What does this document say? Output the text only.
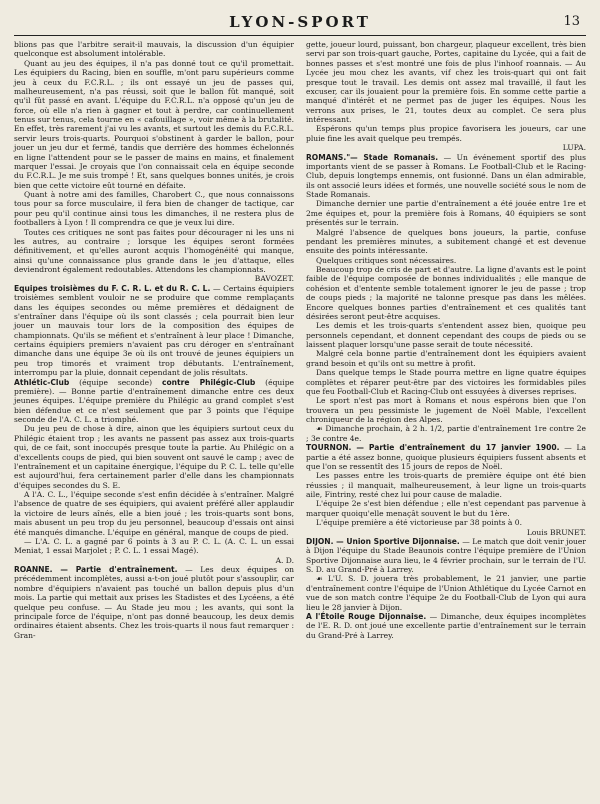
LYON-SPORT	13

blions pas que l'arbitre serait-il mauvais, la discussion d'un équipier quelconque est absolument intolérable.

Quant au jeu des équipes, il n'a pas donné tout ce qu'il promettait. Les équipiers du Racing, bien en souffle, m'ont paru supérieurs comme jeu à ceux du F.C.R.L. ; ils ont essayé un jeu de passes qui, malheureusement, n'a pas réussi, soit que le ballon fût manqué, soit qu'il fût passé en avant. L'équipe du F.C.R.L. n'a opposé qu'un jeu de force, où elle n'a rien à gagner et tout à perdre, car continuellement tenus sur tenus, cela tourne en « cafouillage », voir même à la brutalité. En effet, très rarement j'ai vu les avants, et surtout les demis du F.C.R.L. servir leurs trois-quarts. Pourquoi s'obstinent à garder le ballon, pour jouer un jeu dur et fermé, tandis que derrière des hommes échelonnés en ligne l'attendent pour se le passer de mains en mains, et finalement marquer l'essai. Je croyais que l'on connaissait cela en équipe seconde du F.C.R.L. Je me suis trompé ! Et, sans quelques bonnes unités, je crois bien que cette victoire eût tourné en défaite.

Quant à notre ami des familles, Charobert C., que nous connaissons tous pour sa force musculaire, il fera bien de changer de tactique, car pour peu qu'il continue ainsi tous les dimanches, il ne restera plus de footballers à Lyon ! Il comprendra ce que je veux lui dire.

Toutes ces critiques ne sont pas faites pour décourager ni les uns ni les autres, au contraire ; lorsque les équipes seront formées définitivement, et qu'elles auront acquis l'homogénéité qui manque, ainsi qu'une connaissance plus grande dans le jeu d'attaque, elles deviendront également redoutables. Attendons les championnats.

BAVOZET.

Equipes troisièmes du F. C. R. L. et du R. C. L. — Certains équipiers troisièmes semblent vouloir ne se produire que comme remplaçants dans les équipes secondes ou même premières et dédaignent de s'entraîner dans l'équipe où ils sont classés ; cela pourrait bien leur jouer un mauvais tour lors de la composition des équipes de championnats. Qu'ils se méfient et s'entraînent à leur place ! Dimanche, certains équipiers premiers n'avaient pas cru déroger en s'entraînant dimanche dans une équipe 3e où ils ont trouvé de jeunes équipiers un peu trop timorés et vraiment trop débutants. L'entraînement, interrompu par la pluie, donnait cependant de jolis résultats.

Athlétic-Club (équipe seconde) contre Philégic-Club (équipe première). — Bonne partie d'entraînement dimanche entre ces deux jeunes équipes. L'équipe première du Philégic au grand complet s'est bien défendue et ce n'est seulement que par 3 points que l'équipe seconde de l'A. C. L. a triomphé.

Du jeu peu de chose à dire, ainon que les équipiers surtout ceux du Philégic étaient trop ; les avants ne passent pas assez aux trois-quarts qui, de ce fait, sont inoccupés presque toute la partie. Au Philégic on a d'excellents coups de pied, qui bien souvent ont sauvé le camp ; avec de l'entraînement et un capitaine énergique, l'équipe du P. C. L. telle qu'elle est aujourd'hui, fera certainement parler d'elle dans les championnats d'équipes secondes du S. E.

A l'A. C. L., l'équipe seconde s'est enfin décidée à s'entraîner. Malgré l'absence de quatre de ses équipiers, qui avaient préféré aller applaudir la victoire de leurs aînés, elle a bien joué ; les trois-quarts sont bons, mais abusent un peu trop du jeu personnel, beaucoup d'essais ont ainsi été manqués dimanche. L'équipe en général, manque de coups de pied.

— L'A. C. L. a gagné par 6 points à 3 au P. C. L. (A. C. L. un essai Meniat, 1 essai Marjolet ; P. C. L. 1 essai Magé).

A. D.

ROANNE. — Partie d'entraînement. — Les deux équipes on précédemment incomplètes, aussi a-t-on joué plutôt pour s'assouplir, car nombre d'équipiers n'avaient pas touché un ballon depuis plus d'un mois. La partie qui mettait aux prises les Stadistes et des Lycéens, a été quelque peu confuse. — Au Stade jeu mou ; les avants, qui sont la principale force de l'équipe, n'ont pas donné beaucoup, les deux demis ordinaires étaient absents. Chez les trois-quarts il nous faut remarquer : Gran-

gette, joueur lourd, puissant, bon chargeur, plaqueur excellent, très bien servi par son trois-quart gauche, Portes, capitaine du Lycée, qui a fait de bonnes passes et s'est montré une fois de plus l'inhoof roannais. — Au Lycée jeu mou chez les avants, vif chez les trois-quart qui ont fait presque tout le travail. Les demis ont assez mal travaillé, il faut les excuser, car ils jouaient pour la première fois. En somme cette partie a manqué d'intérêt et ne permet pas de juger les équipes. Nous les verrons aux prises, le 21, toutes deux au complet. Ce sera plus intéressant.

Espérons qu'un temps plus propice favorisera les joueurs, car une pluie fine les avait quelque peu trempés.

LUPA.

ROMANS."— Stade Romanais. — Un événement sportif des plus importants vient de se passer à Romans. Le Football-Club et le Racing-Club, depuis longtemps ennemis, ont fusionné. Dans un élan admirable, ils ont associé leurs idées et formés, une nouvelle société sous le nom de Stade Romanais.

Dimanche dernier une partie d'entraînement a été jouée entre 1re et 2me équipes et, pour la première fois à Romans, 40 équipiers se sont présentés sur le terrain.

Malgré l'absence de quelques bons joueurs, la partie, confuse pendant les premières minutes, a subitement changé et est devenue ensuite des points intéressante.

Quelques critiques sont nécessaires.

Beaucoup trop de cris de part et d'autre. La ligne d'avants est le point faible de l'équipe composée de bonnes individualités ; elle manque de cohésion et d'entente semble totalement ignorer le jeu de passe ; trop de coups pieds ; la majorité ne talonne presque pas dans les mêlées. Encore quelques bonnes parties d'entraînement et ces qualités tant désirées seront peut-être acquises.

Les demis et les trois-quarts s'entendent assez bien, quoique peu personnels cependant, et donnent cependant des coups de pieds ou se laissent plaquer lorsqu'une passe serait de toute nécessité.

Malgré cela bonne partie d'entraînement dont les équipiers avaient grand besoin et qu'ils ont su mettre à profit.

Dans quelque temps le Stade pourra mettre en ligne quatre équipes complètes et réparer peut-être par des victoires les formidables piles que feu Football-Club et Racing-Club ont essuyées à diverses reprises.

Le sport n'est pas mort à Romans et nous espérons bien que l'on trouvera un peu pessimiste le jugement de Noël Mable, l'excellent chroniqueur de la région des Alpes.

☙ Dimanche prochain, à 2 h. 1/2, partie d'entraînement 1re contre 2e ; 3e contre 4e.

TOURNON. — Partie d'entraînement du 17 janvier 1900. — La partie a été assez bonne, quoique plusieurs équipiers fussent absents et que l'on se ressentît des 15 jours de repos de Noël.

Les passes entre les trois-quarts de première équipe ont été bien réussies ; il manquait, malheureusement, à leur ligne un trois-quarts aile, Fintriny, resté chez lui pour cause de maladie.

L'équipe 2e s'est bien défendue ; elle n'est cependant pas parvenue à marquer quoiqu'elle menaçât souvent le but du 1ère.

L'équipe première a été victorieuse par 38 points à 0.

Louis BRUNET.

DIJON. — Union Sportive Dijonnaise. — Le match que doit venir jouer à Dijon l'équipe du Stade Beaunois contre l'équipe première de l'Union Sportive Dijonnaise aura lieu, le 4 février prochain, sur le terrain de l'U. S. D. au Grand-Pré à Larrey.

☙ L'U. S. D. jouera très probablement, le 21 janvier, une partie d'entraînement contre l'équipe de l'Union Athlétique du Lycée Carnot en vue de son match contre l'équipe 2e du Football-Club de Lyon qui aura lieu le 28 janvier à Dijon.

A l'Étoile Rouge Dijonnaise. — Dimanche, deux équipes incomplètes de l'E. R. D. ont joué une excellente partie d'entraînement sur le terrain du Grand-Pré à Larrey.
